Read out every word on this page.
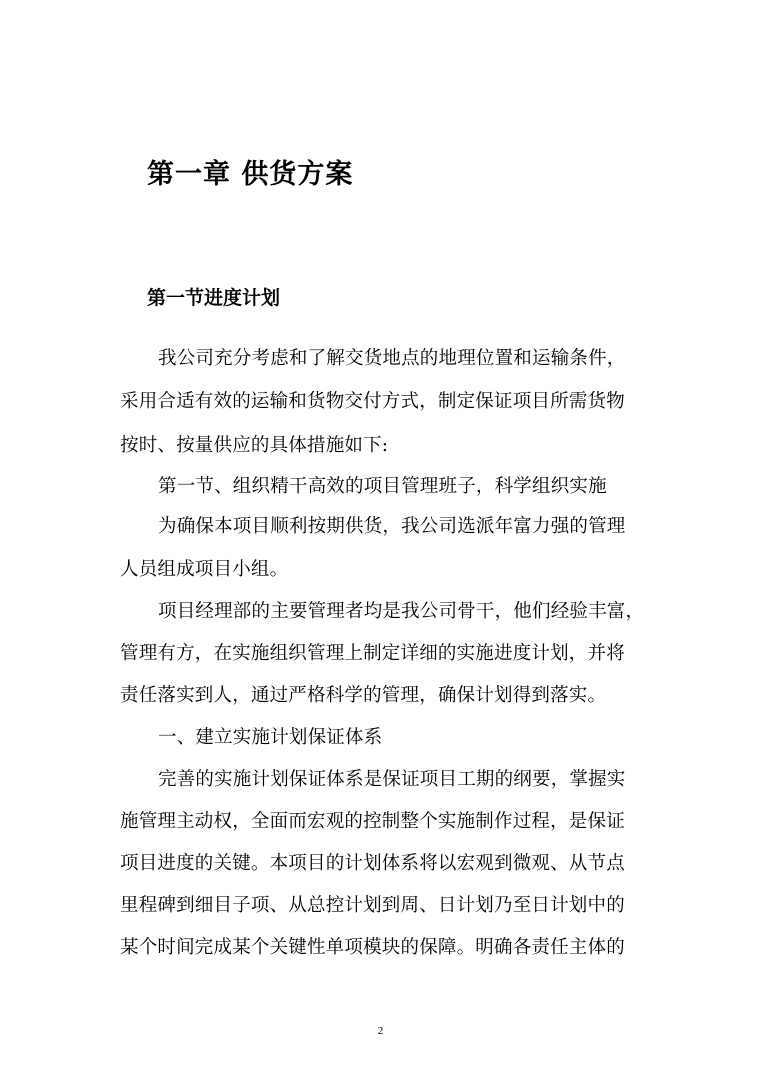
第一章 供货方案
第一节进度计划
我公司充分考虑和了解交货地点的地理位置和运输条件，
采用合适有效的运输和货物交付方式，制定保证项目所需货物
按时、按量供应的具体措施如下:
第一节、组织精干高效的项目管理班子，科学组织实施
为确保本项目顺利按期供货，我公司选派年富力强的管理
人员组成项目小组。
项目经理部的主要管理者均是我公司骨干，他们经验丰富，
管理有方，在实施组织管理上制定详细的实施进度计划，并将
责任落实到人，通过严格科学的管理，确保计划得到落实。
一、建立实施计划保证体系
完善的实施计划保证体系是保证项目工期的纲要，掌握实
施管理主动权，全面而宏观的控制整个实施制作过程，是保证
项目进度的关键。本项目的计划体系将以宏观到微观、从节点
里程碑到细目子项、从总控计划到周、日计划乃至日计划中的
某个时间完成某个关键性单项模块的保障。明确各责任主体的
2
